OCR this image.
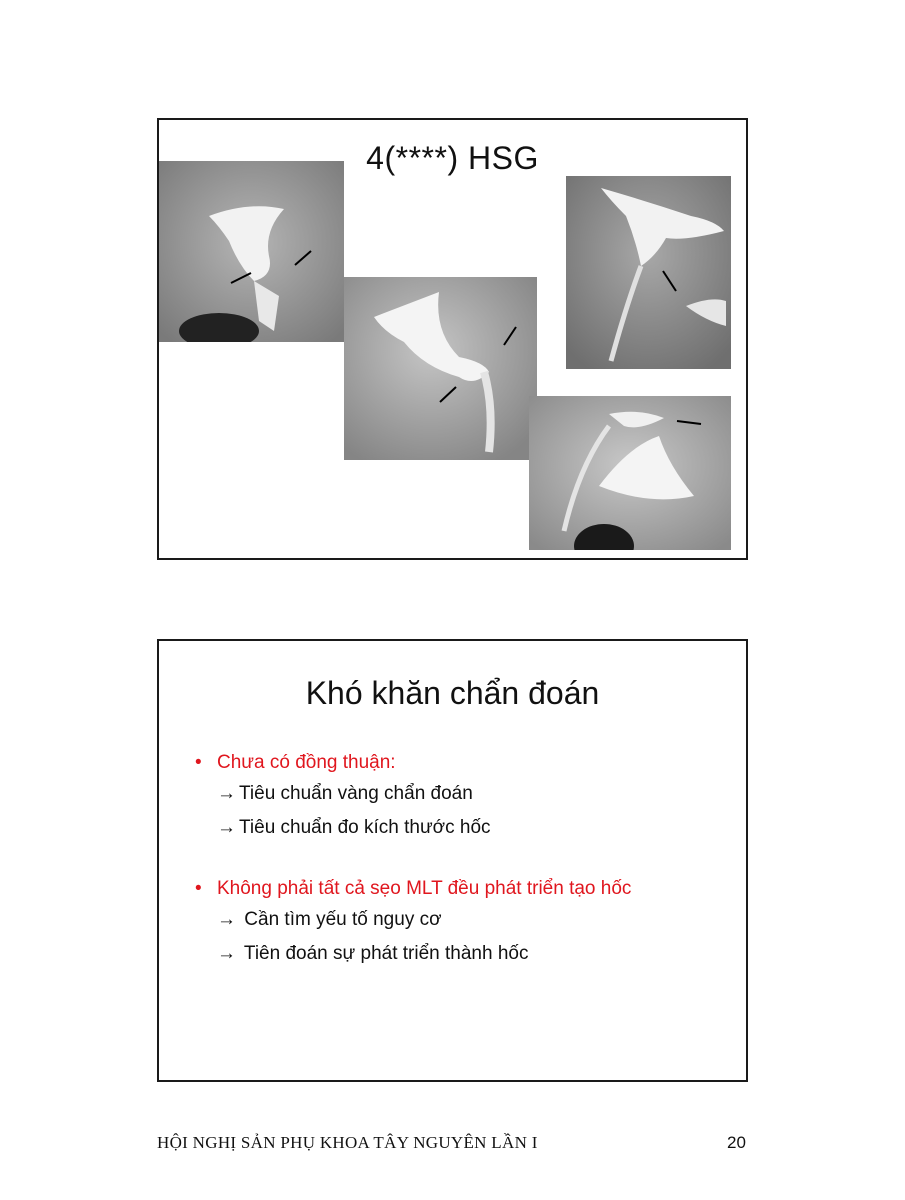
4(****) HSG
Khó khăn chẩn đoán
• Chưa có đồng thuận:
→ Tiêu chuẩn vàng chẩn đoán
→ Tiêu chuẩn đo kích thước hốc
• Không phải tất cả sẹo MLT đều phát triển tạo hốc
→ Cần tìm yếu tố nguy cơ
→ Tiên đoán sự phát triển thành hốc
HỘI NGHỊ SẢN PHỤ KHOA TÂY NGUYÊN LẦN I	20
